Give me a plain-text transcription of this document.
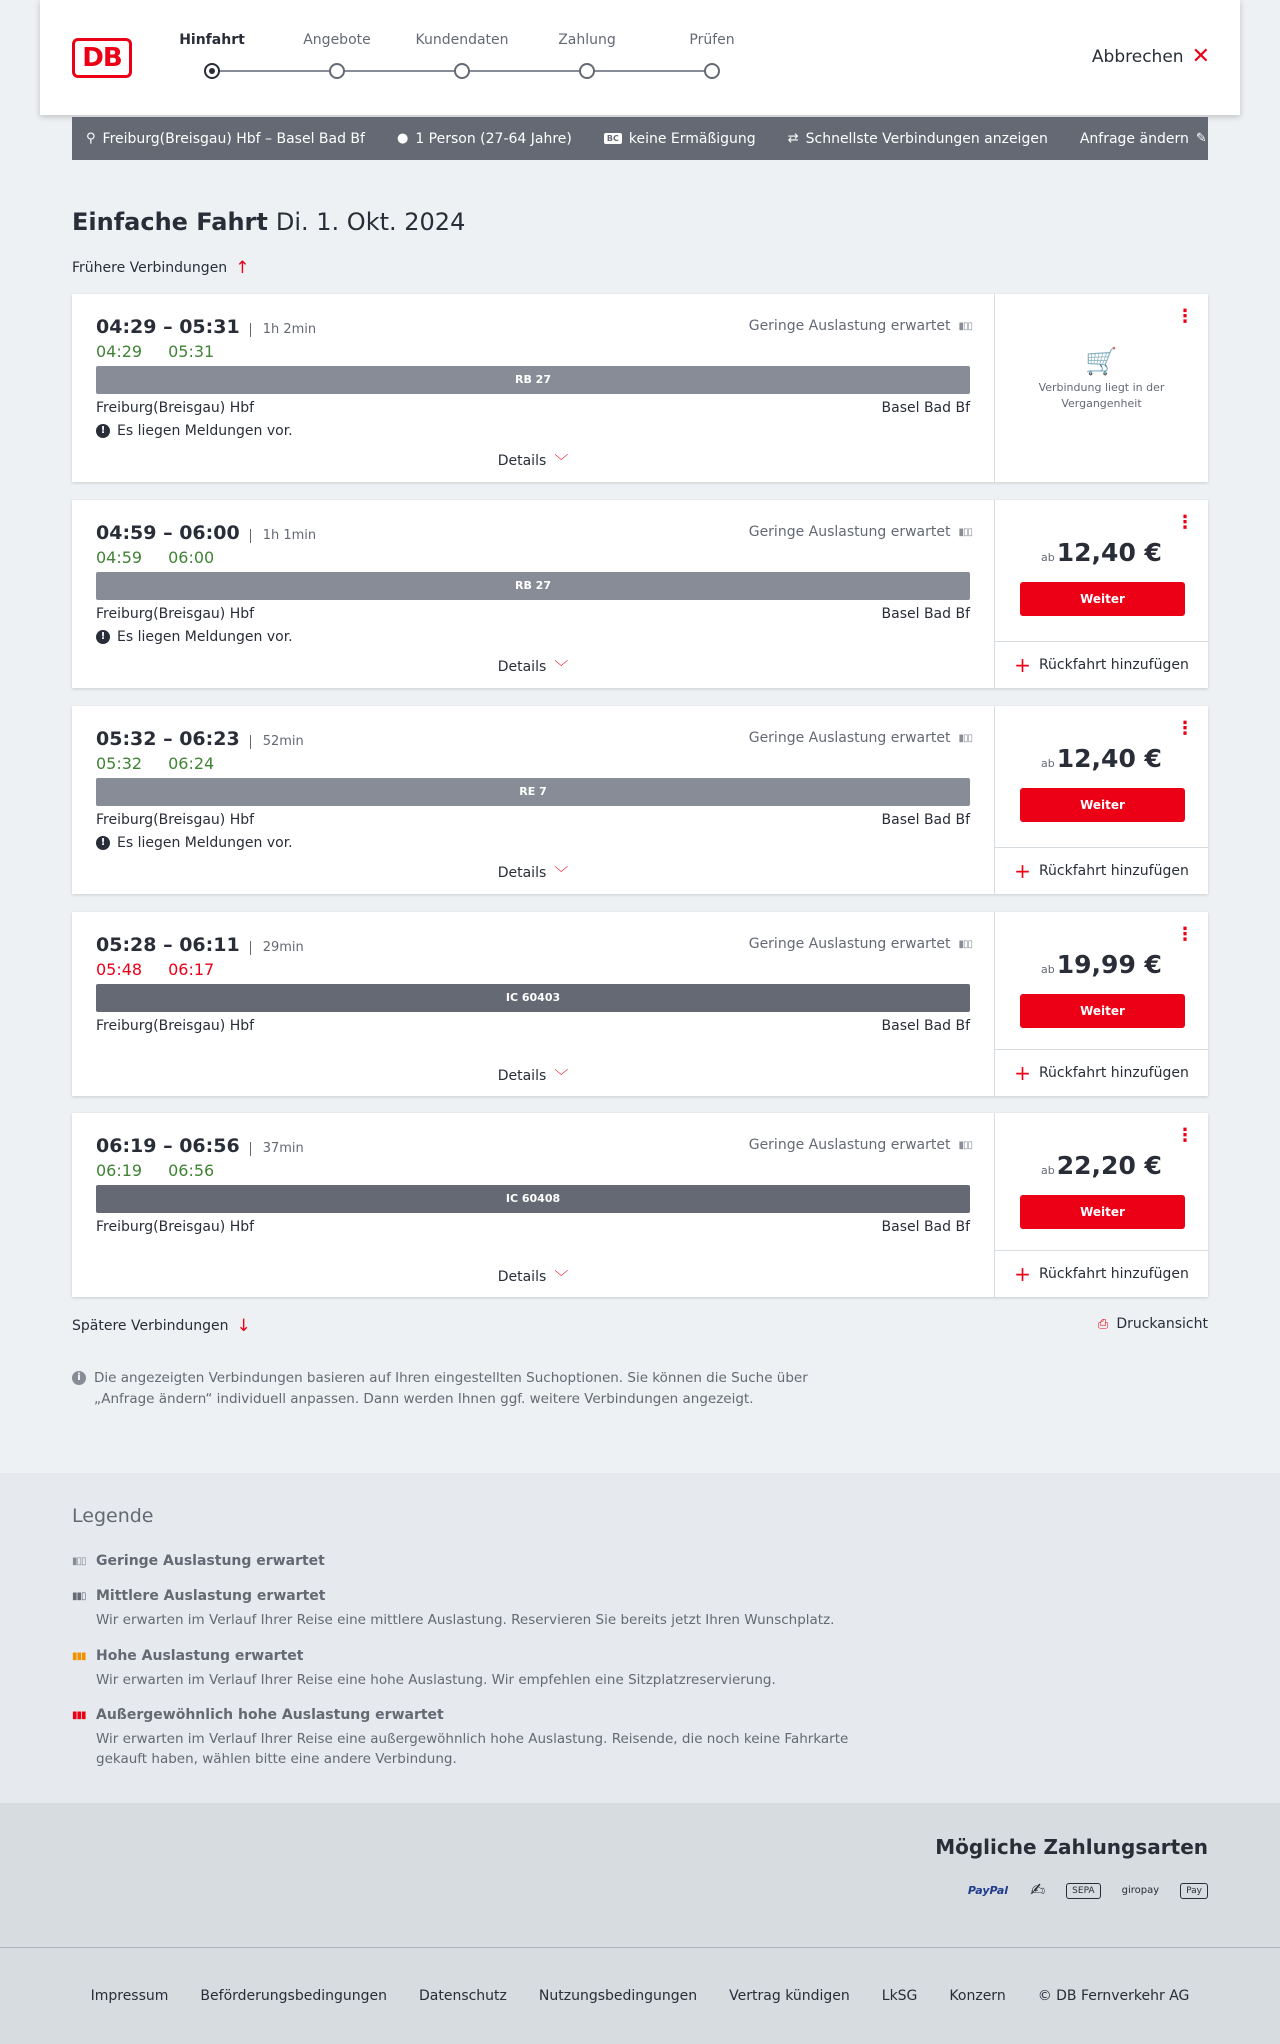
DB
Hinfahrt	Angebote	Kundendaten	Zahlung	Prüfen
Abbrechen ✕
⚲ Freiburg(Breisgau) Hbf – Basel Bad Bf ● 1 Person (27-64 Jahre)	BC keine Ermäßigung ⇄ Schnellste Verbindungen anzeigen Anfrage ändern ✎
Einfache Fahrt Di. 1. Okt. 2024
Frühere Verbindungen ↑
04:29 – 05:31	1h 2min
04:29 05:31
Geringe Auslastung erwartet ▮▯▯
RB 27
Freiburg(Breisgau) Hbf	Basel Bad Bf
! Es liegen Meldungen vor.
Details ﹀
⋮
🛒
Verbindung liegt in der Vergangenheit
04:59 – 06:00	1h 1min
04:59 06:00
Geringe Auslastung erwartet ▮▯▯
RB 27
Freiburg(Breisgau) Hbf	Basel Bad Bf
! Es liegen Meldungen vor.
Details ﹀
⋮
ab12,40 €
Weiter
+ Rückfahrt hinzufügen
05:32 – 06:23	52min
05:32 06:24
Geringe Auslastung erwartet ▮▯▯
RE 7
Freiburg(Breisgau) Hbf	Basel Bad Bf
! Es liegen Meldungen vor.
Details ﹀
⋮
ab12,40 €
Weiter
+ Rückfahrt hinzufügen
05:28 – 06:11	29min
05:48 06:17
Geringe Auslastung erwartet ▮▯▯
IC 60403
Freiburg(Breisgau) Hbf	Basel Bad Bf
Details ﹀
⋮
ab19,99 €
Weiter
+ Rückfahrt hinzufügen
06:19 – 06:56	37min
06:19 06:56
Geringe Auslastung erwartet ▮▯▯
IC 60408
Freiburg(Breisgau) Hbf	Basel Bad Bf
Details ﹀
⋮
ab22,20 €
Weiter
+ Rückfahrt hinzufügen
Spätere Verbindungen ↓	⎙ Druckansicht
i Die angezeigten Verbindungen basieren auf Ihren eingestellten Suchoptionen. Sie können die Suche über „Anfrage ändern“ individuell anpassen. Dann werden Ihnen ggf. weitere Verbindungen angezeigt.
Legende
▮▯▯ Geringe Auslastung erwartet
▮▮▯ Mittlere Auslastung erwartet
Wir erwarten im Verlauf Ihrer Reise eine mittlere Auslastung. Reservieren Sie bereits jetzt Ihren Wunschplatz.
▮▮▮ Hohe Auslastung erwartet
Wir erwarten im Verlauf Ihrer Reise eine hohe Auslastung. Wir empfehlen eine Sitzplatzreservierung.
▮▮▮ Außergewöhnlich hohe Auslastung erwartet
Wir erwarten im Verlauf Ihrer Reise eine außergewöhnlich hohe Auslastung. Reisende, die noch keine Fahrkarte gekauft haben, wählen bitte eine andere Verbindung.
Mögliche Zahlungsarten
PayPal ✍	SEPA	giropay	Pay
Impressum Beförderungsbedingungen Datenschutz Nutzungsbedingungen Vertrag kündigen LkSG Konzern © DB Fernverkehr AG
